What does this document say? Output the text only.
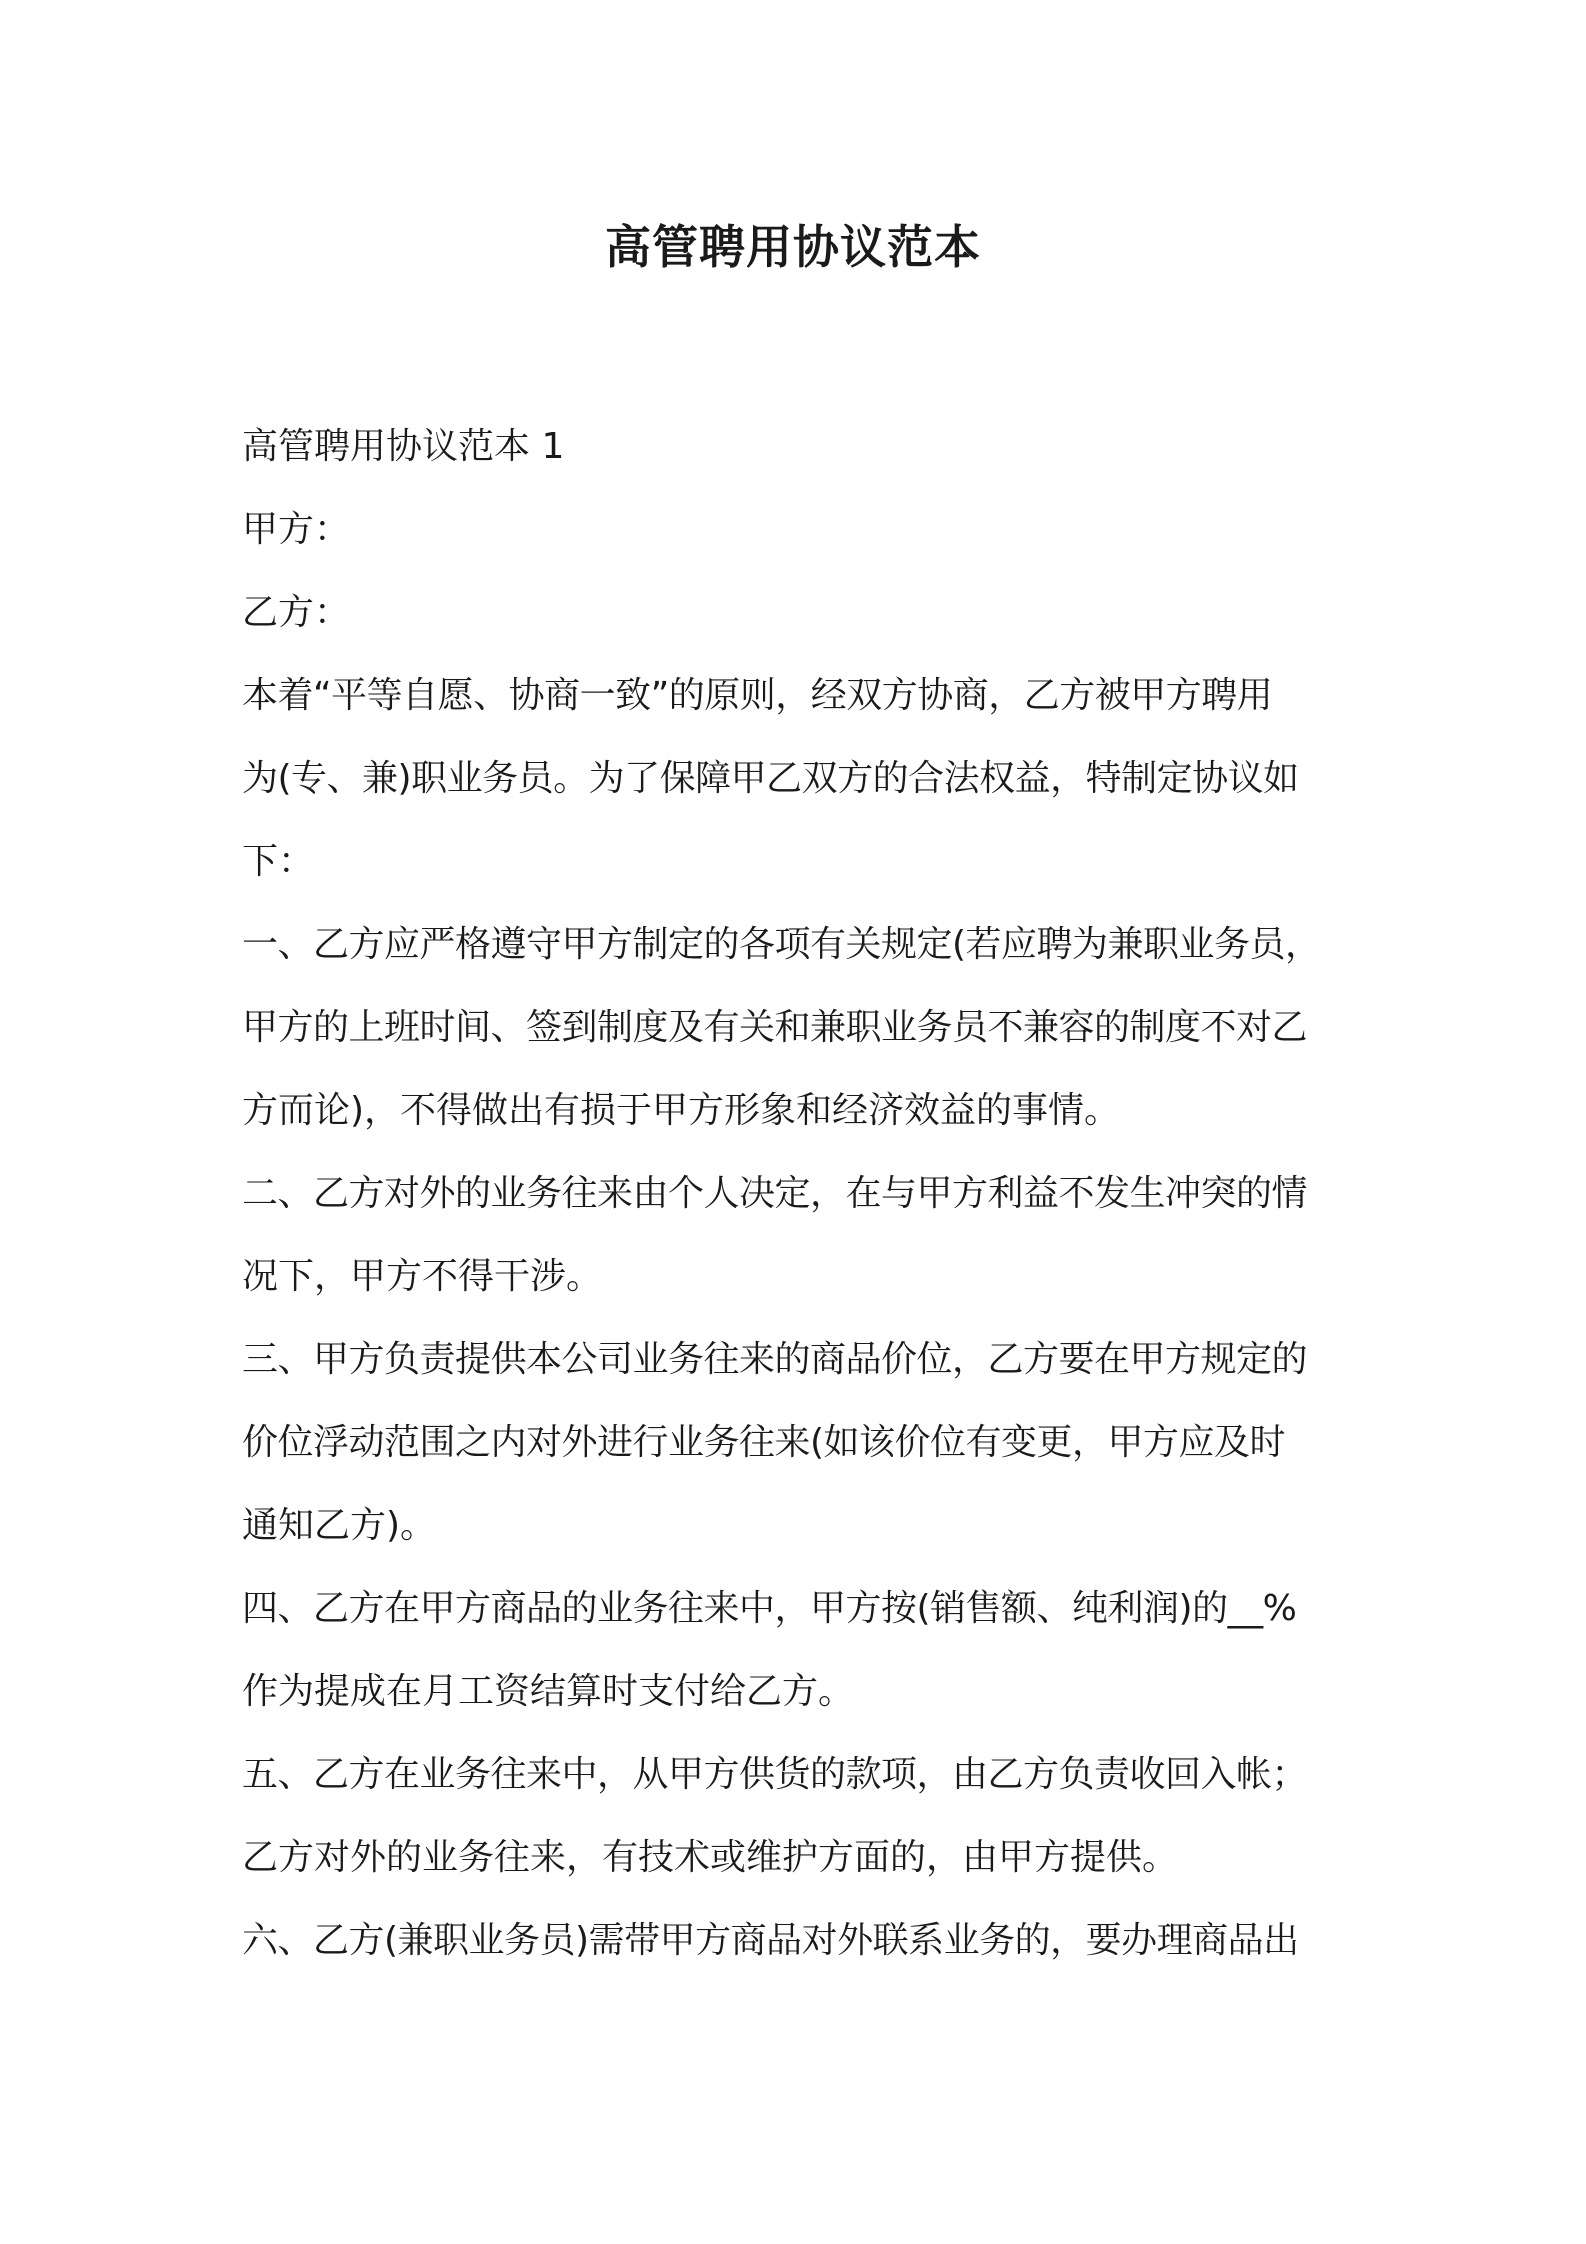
高管聘用协议范本
高管聘用协议范本 1
甲方：
乙方：
本着“平等自愿、协商一致”的原则，经双方协商，乙方被甲方聘用
为(专、兼)职业务员。为了保障甲乙双方的合法权益，特制定协议如
下：
一、乙方应严格遵守甲方制定的各项有关规定(若应聘为兼职业务员，
甲方的上班时间、签到制度及有关和兼职业务员不兼容的制度不对乙
方而论)，不得做出有损于甲方形象和经济效益的事情。
二、乙方对外的业务往来由个人决定，在与甲方利益不发生冲突的情
况下，甲方不得干涉。
三、甲方负责提供本公司业务往来的商品价位，乙方要在甲方规定的
价位浮动范围之内对外进行业务往来(如该价位有变更，甲方应及时
通知乙方)。
四、乙方在甲方商品的业务往来中，甲方按(销售额、纯利润)的__%
作为提成在月工资结算时支付给乙方。
五、乙方在业务往来中，从甲方供货的款项，由乙方负责收回入帐；
乙方对外的业务往来，有技术或维护方面的，由甲方提供。
六、乙方(兼职业务员)需带甲方商品对外联系业务的，要办理商品出
